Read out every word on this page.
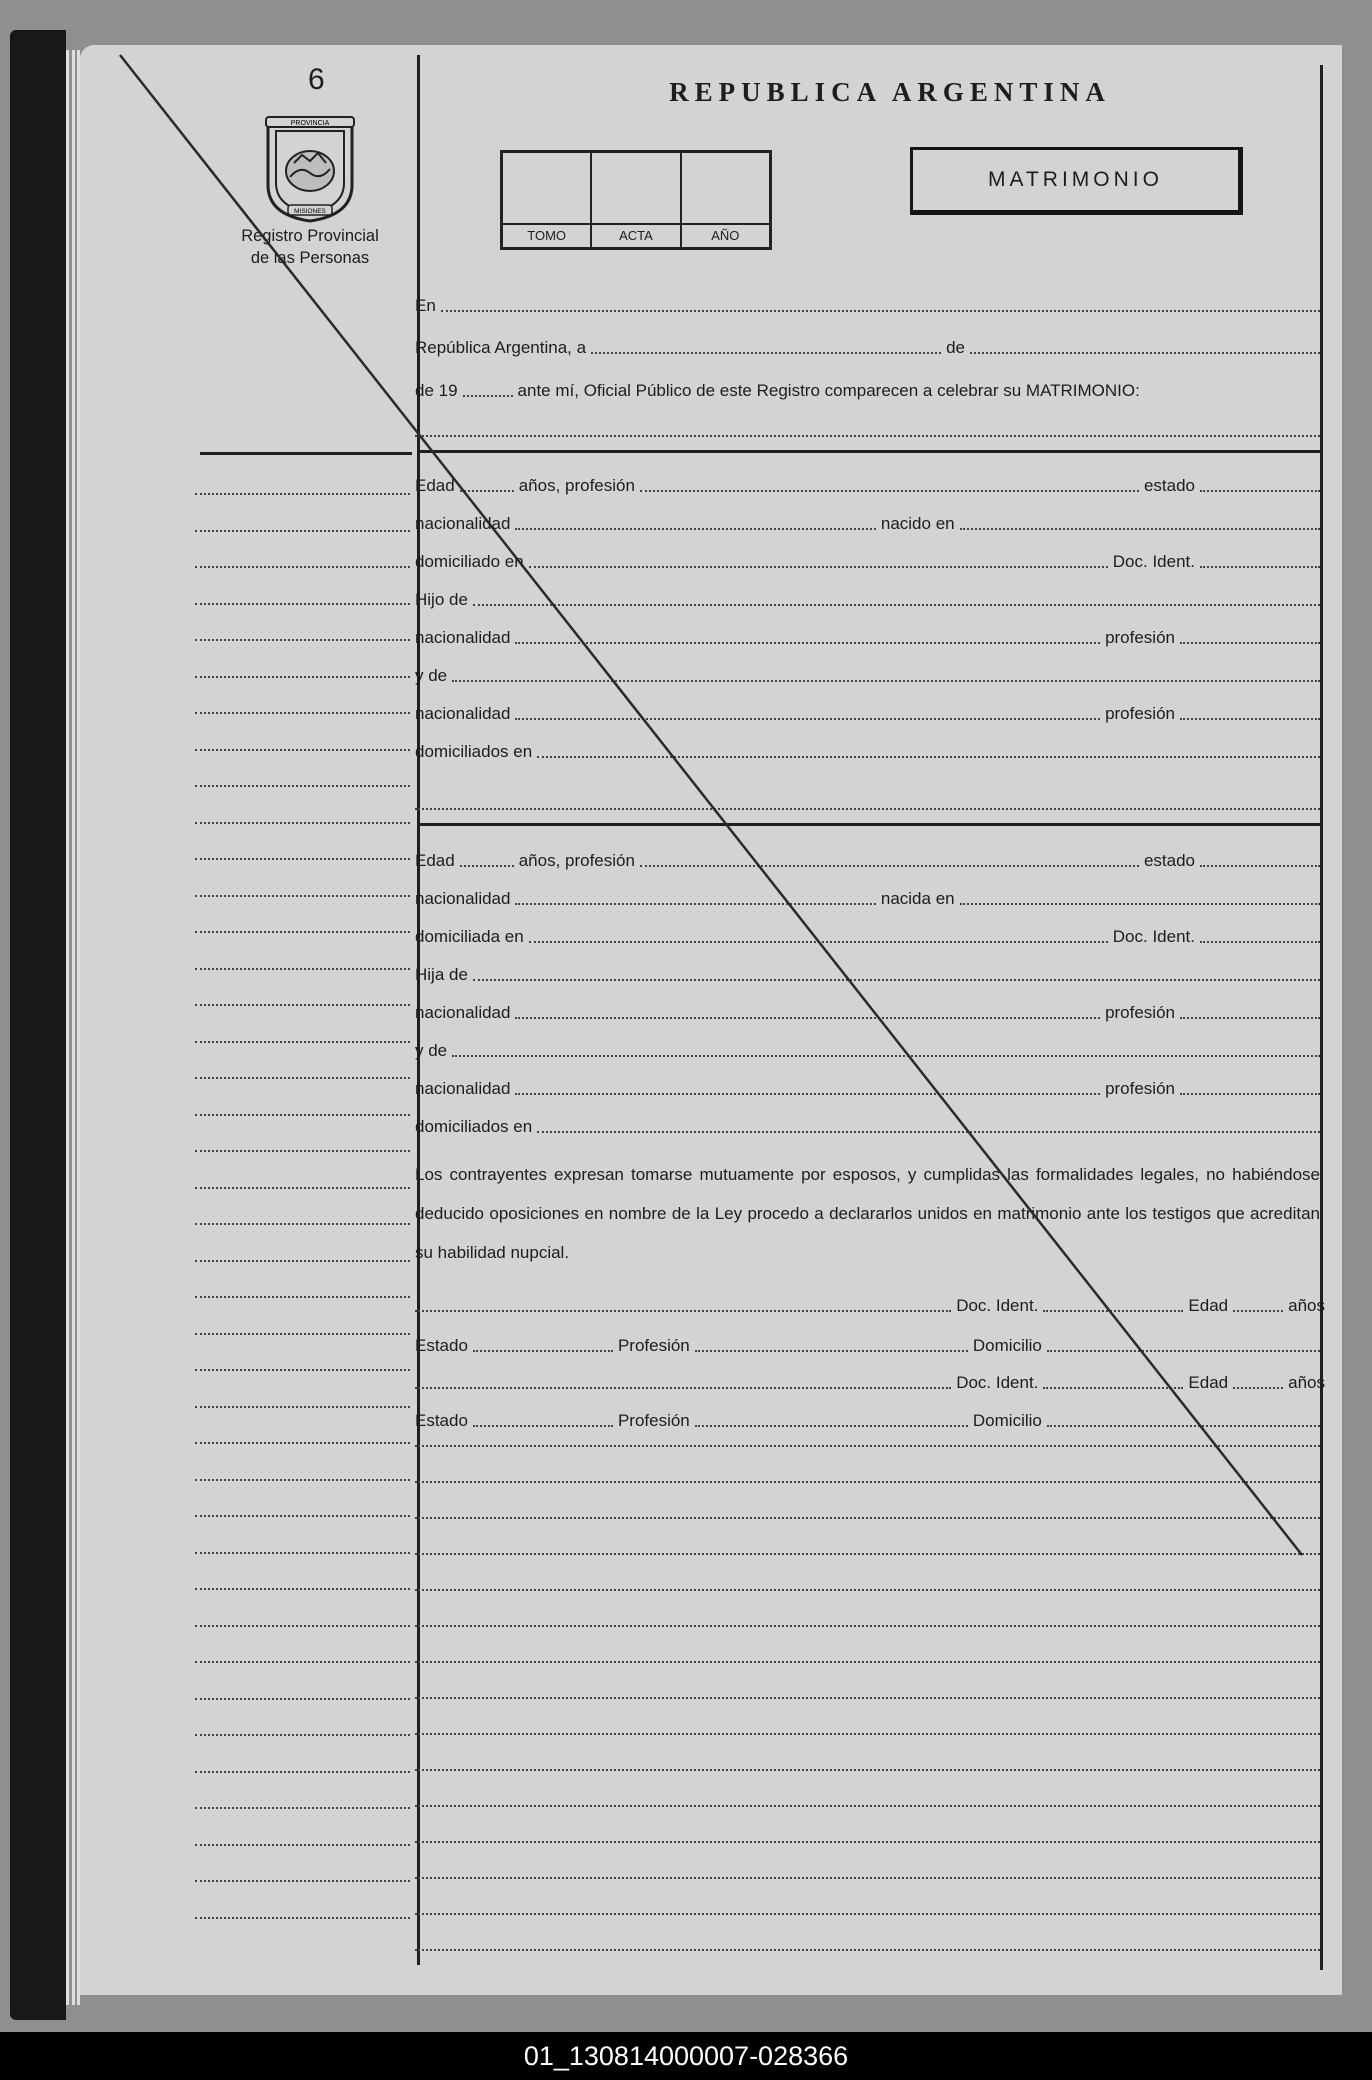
6
PROVINCIA
MISIONES
Registro Provincial
de las Personas
REPUBLICA ARGENTINA
TOMO	ACTA	AÑO
MATRIMONIO
En
República Argentina, a	de
de 19	ante mí, Oficial Público de este Registro comparecen a celebrar su MATRIMONIO:
Edad	años, profesión	estado
nacionalidad	nacido en
domiciliado en	Doc. Ident.
Hijo de
nacionalidad	profesión
y de
nacionalidad	profesión
domiciliados en
Edad	años, profesión	estado
nacionalidad	nacida en
domiciliada en	Doc. Ident.
Hija de
nacionalidad	profesión
y de
nacionalidad	profesión
domiciliados en
Los contrayentes expresan tomarse mutuamente por esposos, y cumplidas las formalidades legales, no habiéndose deducido oposiciones en nombre de la Ley procedo a declararlos unidos en matrimonio ante los testigos que acreditan su habilidad nupcial.
Doc. Ident.	Edad	años
Estado	Profesión	Domicilio
Doc. Ident.	Edad	años
Estado	Profesión	Domicilio
01_130814000007-028366
